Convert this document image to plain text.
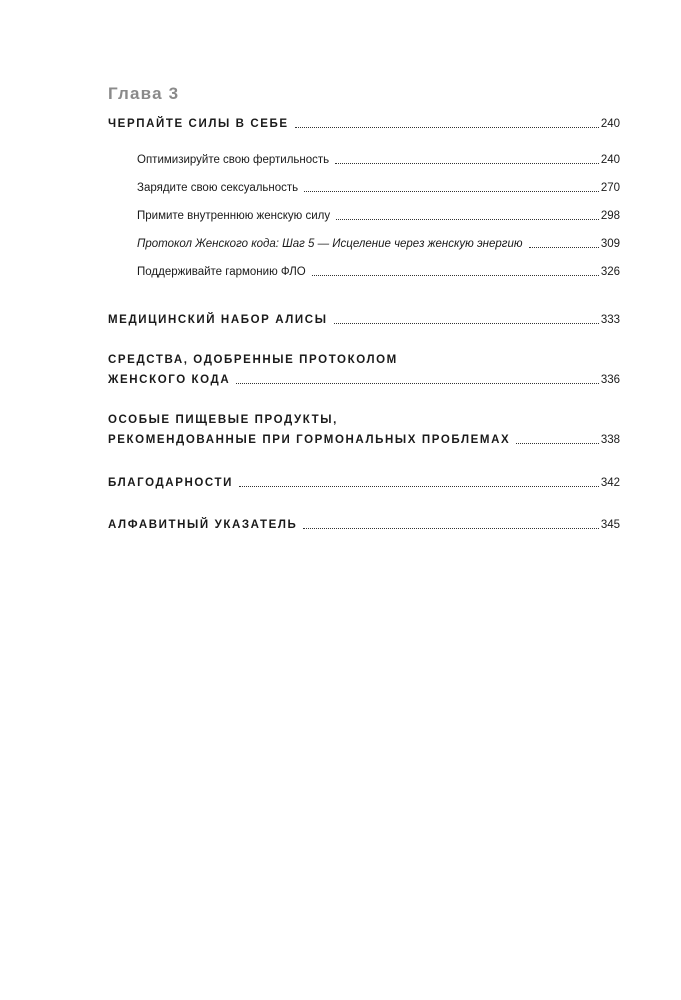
Глава 3
ЧЕРПАЙТЕ СИЛЫ В СЕБЕ	240
Оптимизируйте свою фертильность	240
Зарядите свою сексуальность	270
Примите внутреннюю женскую силу	298
Протокол Женского кода: Шаг 5 — Исцеление через женскую энергию	309
Поддерживайте гармонию ФЛО	326
МЕДИЦИНСКИЙ НАБОР АЛИСЫ	333
СРЕДСТВА, ОДОБРЕННЫЕ ПРОТОКОЛОМ
ЖЕНСКОГО КОДА	336
ОСОБЫЕ ПИЩЕВЫЕ ПРОДУКТЫ,
РЕКОМЕНДОВАННЫЕ ПРИ ГОРМОНАЛЬНЫХ ПРОБЛЕМАХ	338
БЛАГОДАРНОСТИ	342
АЛФАВИТНЫЙ УКАЗАТЕЛЬ	345
